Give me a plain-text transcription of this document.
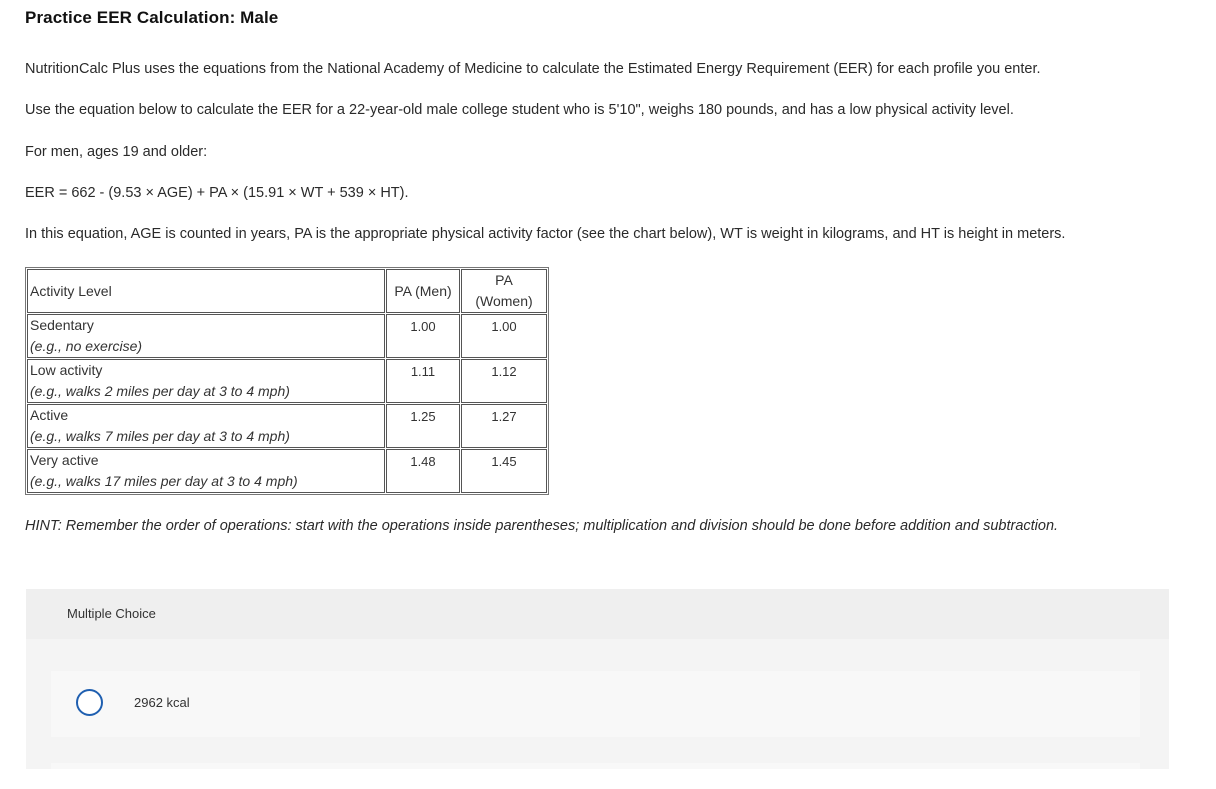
Practice EER Calculation: Male
NutritionCalc Plus uses the equations from the National Academy of Medicine to calculate the Estimated Energy Requirement (EER) for each profile you enter.
Use the equation below to calculate the EER for a 22-year-old male college student who is 5'10", weighs 180 pounds, and has a low physical activity level.
For men, ages 19 and older:
EER = 662 - (9.53 × AGE) + PA × (15.91 × WT + 539 × HT).
In this equation, AGE is counted in years, PA is the appropriate physical activity factor (see the chart below), WT is weight in kilograms, and HT is height in meters.
Activity Level	PA (Men)	PA
(Women)

Sedentary
(e.g., no exercise)	1.00	1.00

Low activity
(e.g., walks 2 miles per day at 3 to 4 mph)	1.11	1.12

Active
(e.g., walks 7 miles per day at 3 to 4 mph)	1.25	1.27

Very active
(e.g., walks 17 miles per day at 3 to 4 mph)	1.48	1.45
HINT: Remember the order of operations: start with the operations inside parentheses; multiplication and division should be done before addition and subtraction.
Multiple Choice
2962 kcal
